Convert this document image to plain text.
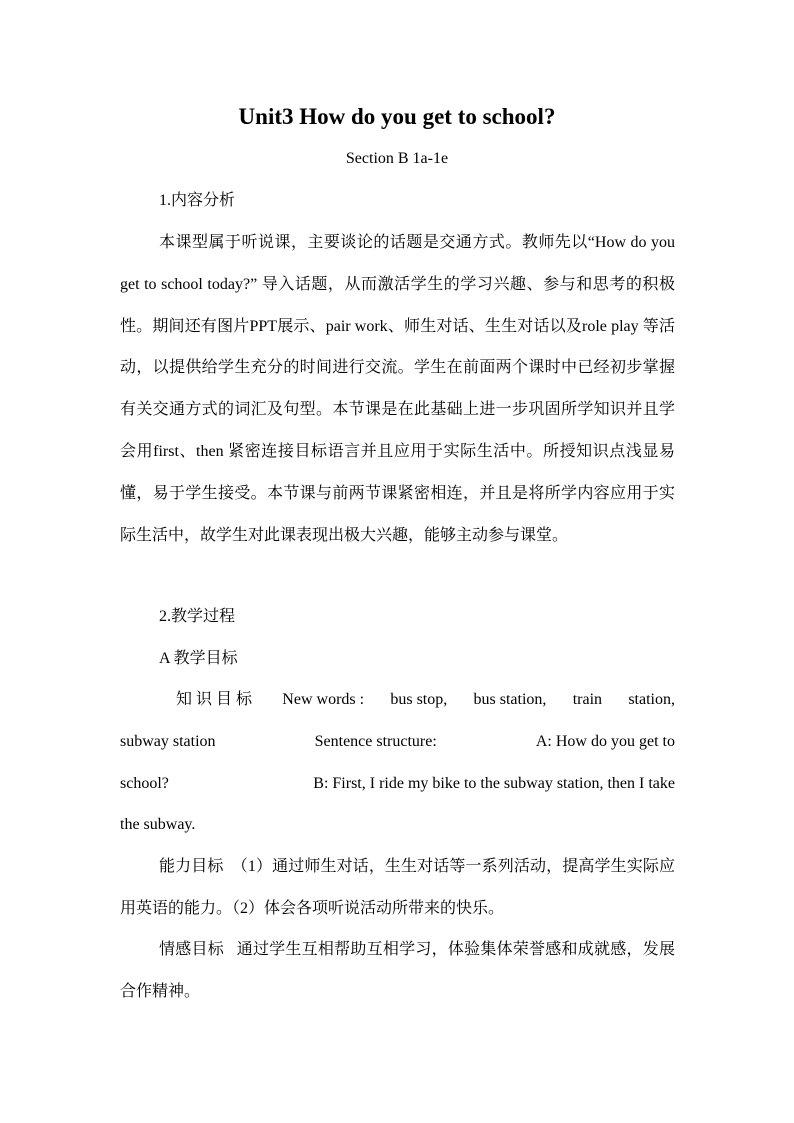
Unit3 How do you get to school?
Section B 1a-1e
1.内容分析

本课型属于听说课，主要谈论的话题是交通方式。教师先以“How do you get to school today?” 导入话题，从而激活学生的学习兴趣、参与和思考的积极性。期间还有图片PPT展示、pair work、师生对话、生生对话以及role play 等活动，以提供给学生充分的时间进行交流。学生在前面两个课时中已经初步掌握有关交通方式的词汇及句型。本节课是在此基础上进一步巩固所学知识并且学会用first、then 紧密连接目标语言并且应用于实际生活中。所授知识点浅显易懂，易于学生接受。本节课与前两节课紧密相连，并且是将所学内容应用于实际生活中，故学生对此课表现出极大兴趣，能够主动参与课堂。

2.教学过程
A 教学目标
知识目标 New words : bus stop, bus station, train station,
subway station	Sentence structure:	A: How do you get to
school?	B: First, I ride my bike to the subway station, then I take
the subway.

能力目标 （1）通过师生对话，生生对话等一系列活动，提高学生实际应用英语的能力。（2）体会各项听说活动所带来的快乐。

情感目标 通过学生互相帮助互相学习，体验集体荣誉感和成就感，发展合作精神。
